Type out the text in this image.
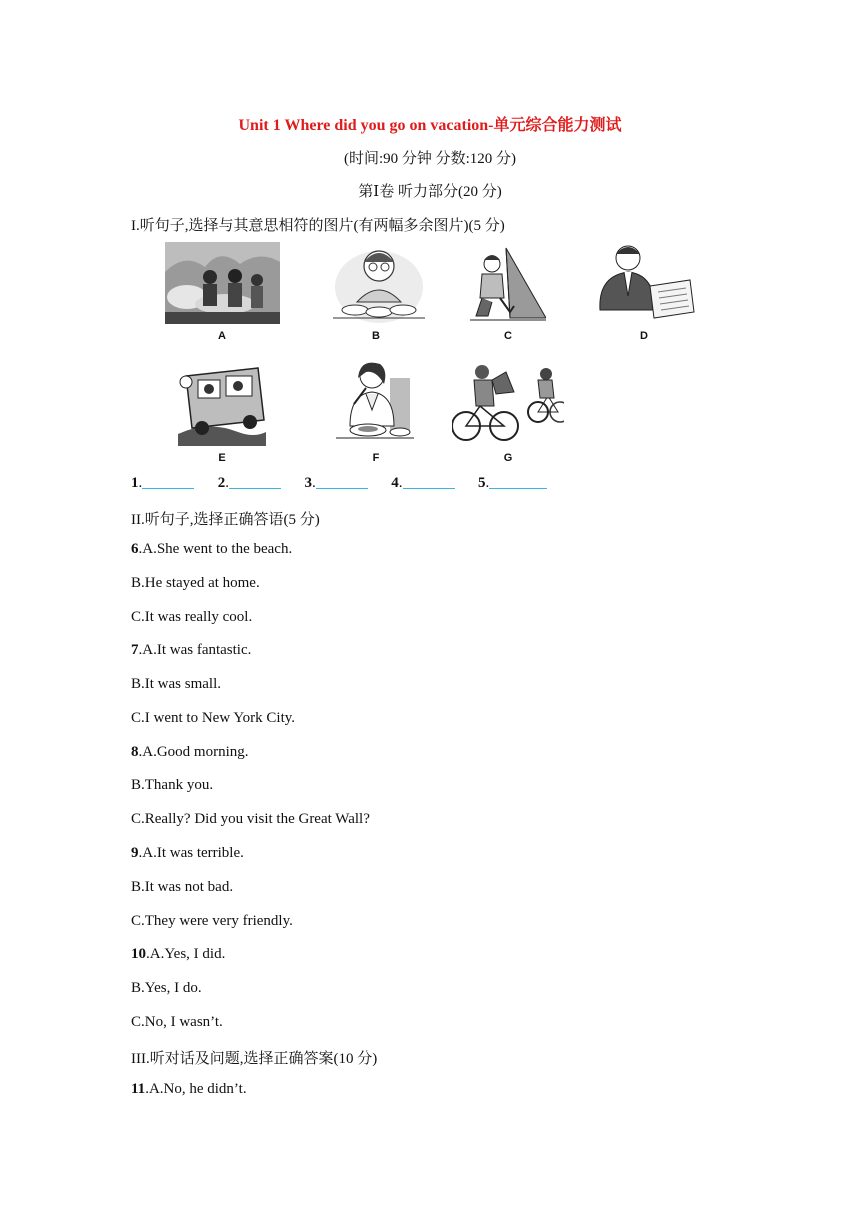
Unit 1 Where did you go on vacation-单元综合能力测试
(时间:90 分钟 分数:120 分)
第Ⅰ卷 听力部分(20 分)
I.听句子,选择与其意思相符的图片(有两幅多余图片)(5 分)
A	B	C	D
E	F	G
1.	2.	3.	4.	5.
II.听句子,选择正确答语(5 分)
6.A.She went to the beach.
B.He stayed at home.
C.It was really cool.
7.A.It was fantastic.
B.It was small.
C.I went to New York City.
8.A.Good morning.
B.Thank you.
C.Really? Did you visit the Great Wall?
9.A.It was terrible.
B.It was not bad.
C.They were very friendly.
10.A.Yes, I did.
B.Yes, I do.
C.No, I wasn’t.
III.听对话及问题,选择正确答案(10 分)
11.A.No, he didn’t.
